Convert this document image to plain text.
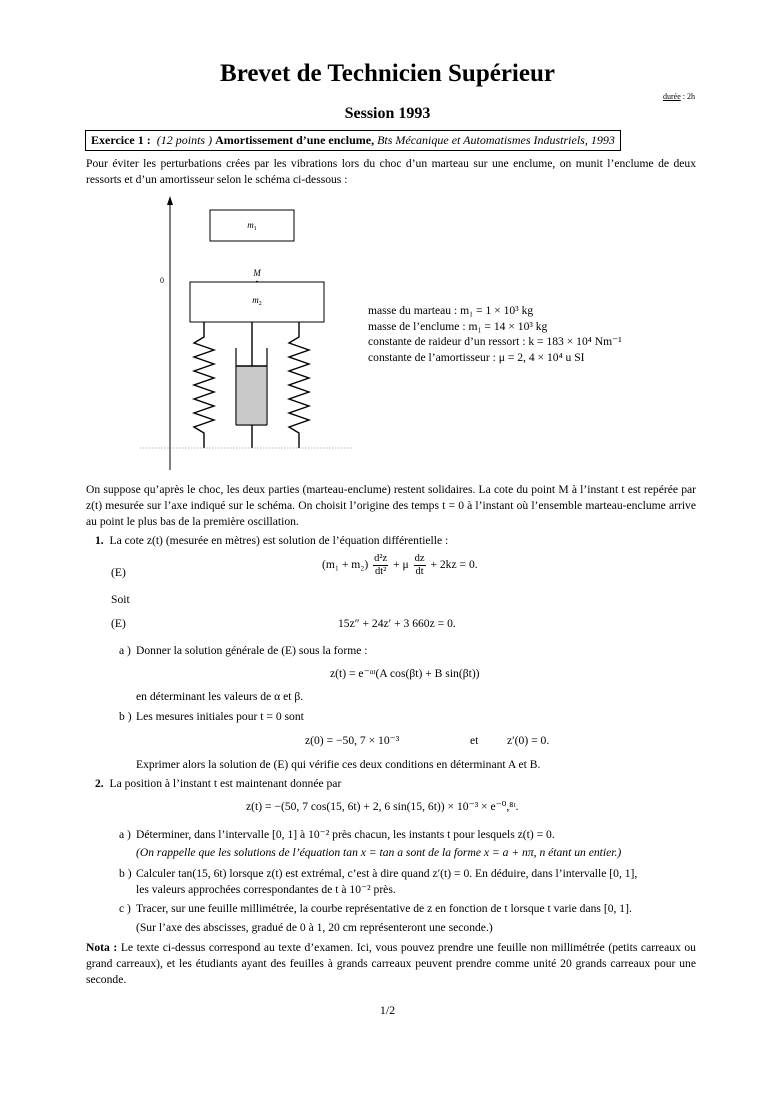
Brevet de Technicien Supérieur
durée : 2h
Session 1993
Exercice 1 : (12 points ) Amortissement d’une enclume, Bts Mécanique et Automatismes Industriels, 1993
Pour éviter les perturbations crées par les vibrations lors du choc d’un marteau sur une enclume, on munit l’enclume de deux ressorts et d’un amortisseur selon le schéma ci-dessous :
0
$m_1$
M
$m_2$	masse du marteau : m₁ = 1 × 10³ kg
masse de l’enclume : m₁ = 14 × 10³ kg
constante de raideur d’un ressort : k = 183 × 10⁴ Nm⁻¹
constante de l’amortisseur : μ = 2, 4 × 10⁴ u SI
On suppose qu’après le choc, les deux parties (marteau-enclume) restent solidaires. La cote du point M à l’instant t est repérée par z(t) mesurée sur l’axe indiqué sur le schéma. On choisit l’origine des temps t = 0 à l’instant où l’ensemble marteau-enclume arrive au point le plus bas de la première oscillation.
1. La cote z(t) (mesurée en mètres) est solution de l’équation différentielle :
(E)
$(m_1 + m_2) \frac{\text{d²z}}{\text{dt²}} + \mu \frac{dz}{dt} + 2kz = 0$.
Soit
(E)	15z″ + 24z′ + 3 660z = 0.
a ) Donner la solution générale de (E) sous la forme :
z(t) = e⁻ᵅᵗ(A cos(βt) + B sin(βt))
en déterminant les valeurs de α et β.
b ) Les mesures initiales pour t = 0 sont
z(0) = −50, 7 × 10⁻³	et z′(0) = 0.
Exprimer alors la solution de (E) qui vérifie ces deux conditions en déterminant A et B.
2. La position à l’instant t est maintenant donnée par
z(t) = −(50, 7 cos(15, 6t) + 2, 6 sin(15, 6t)) × 10⁻³ × e⁻⁰,⁸ᵗ.
a ) Déterminer, dans l’intervalle [0, 1] à 10⁻² près chacun, les instants t pour lesquels z(t) = 0.
(On rappelle que les solutions de l’équation tan x = tan a sont de la forme x = a + nπ, n étant un entier.)
b ) Calculer tan(15, 6t) lorsque z(t) est extrémal, c’est à dire quand z′(t) = 0. En déduire, dans l’intervalle [0, 1],
les valeurs approchées correspondantes de t à 10⁻² près.
c ) Tracer, sur une feuille millimétrée, la courbe représentative de z en fonction de t lorsque t varie dans [0, 1].
(Sur l’axe des abscisses, gradué de 0 à 1, 20 cm représenteront une seconde.)
Nota : Le texte ci-dessus correspond au texte d’examen. Ici, vous pouvez prendre une feuille non millimétrée (petits carreaux ou grand carreaux), et les étudiants ayant des feuilles à grands carreaux peuvent prendre comme unité 20 grands carreaux pour une seconde.
1/2
